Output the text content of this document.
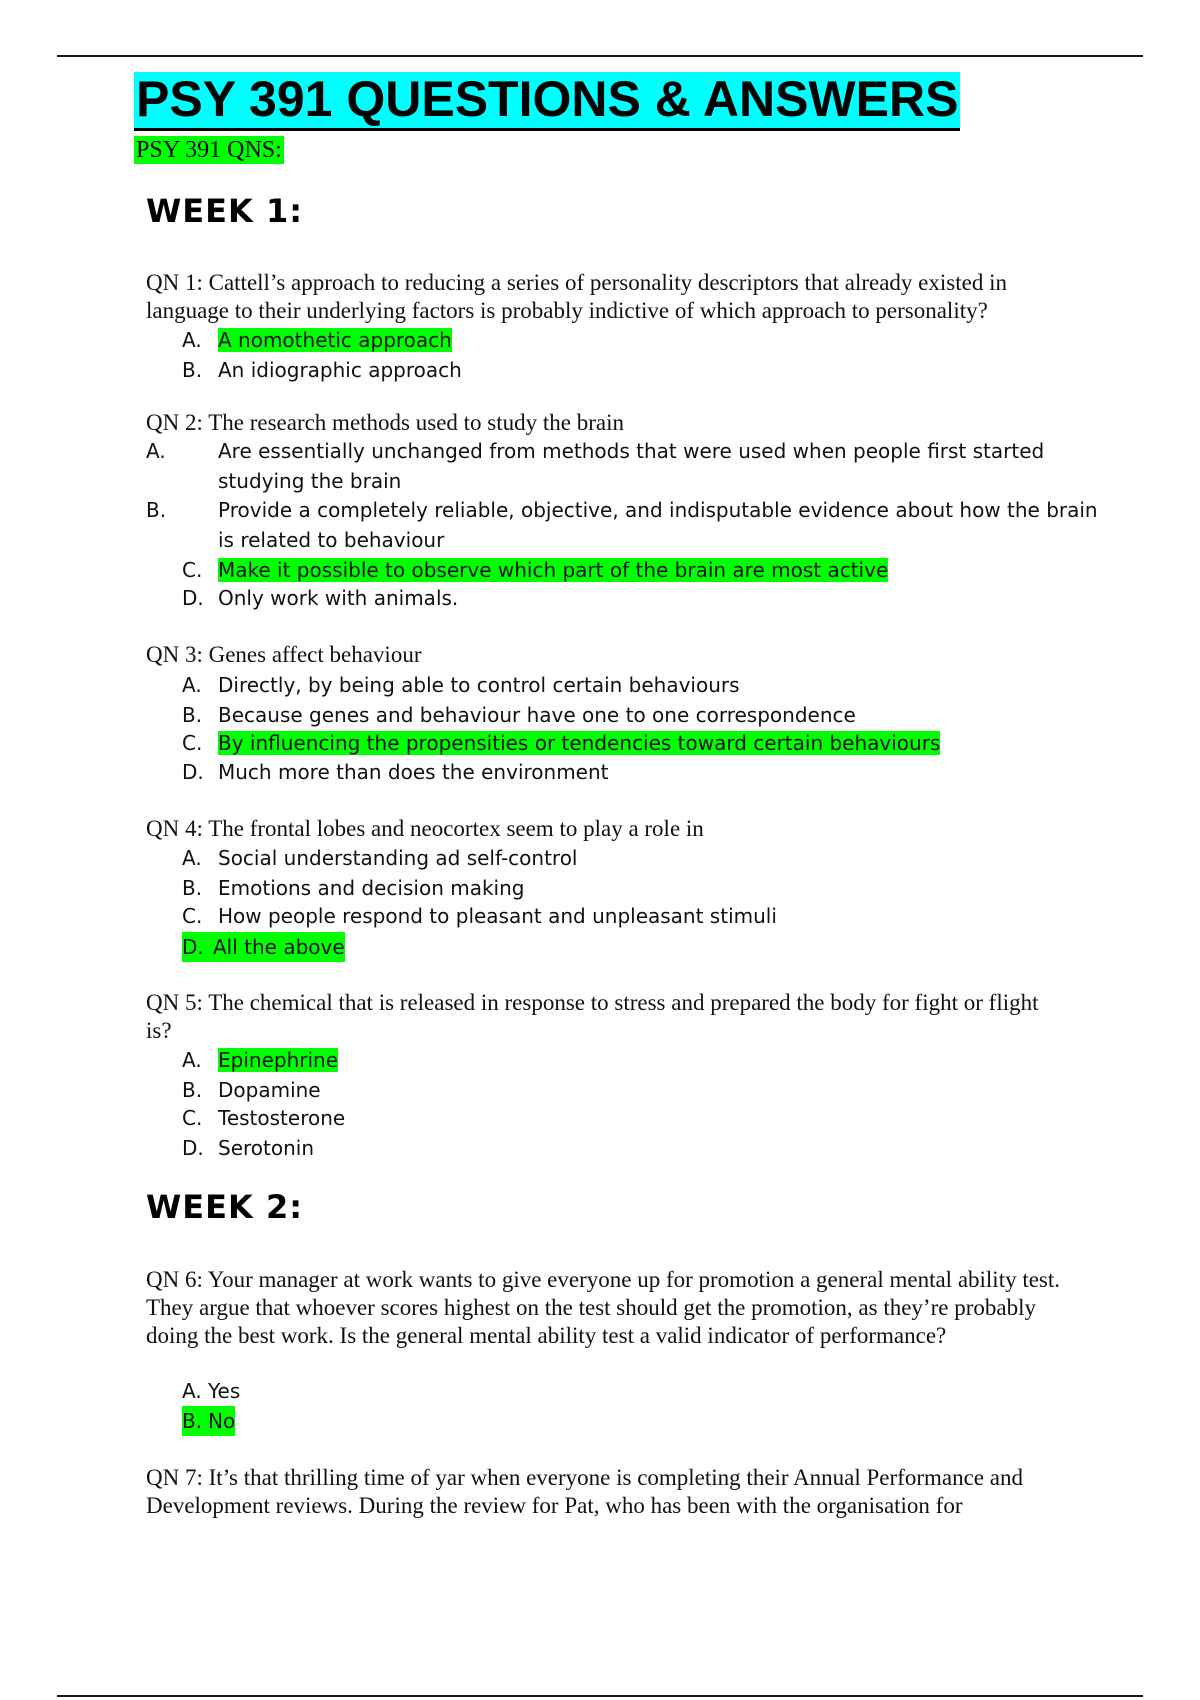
PSY 391 QUESTIONS & ANSWERS
PSY 391 QNS:
WEEK 1:
QN 1: Cattell’s approach to reducing a series of personality descriptors that already existed in language to their underlying factors is probably indictive of which approach to personality?
A. A nomothetic approach
B. An idiographic approach
QN 2: The research methods used to study the brain
A.	Are essentially unchanged from methods that were used when people first started studying the brain
B.	Provide a completely reliable, objective, and indisputable evidence about how the brain is related to behaviour
C. Make it possible to observe which part of the brain are most active
D. Only work with animals.
QN 3: Genes affect behaviour
A. Directly, by being able to control certain behaviours
B. Because genes and behaviour have one to one correspondence
C. By influencing the propensities or tendencies toward certain behaviours
D. Much more than does the environment
QN 4: The frontal lobes and neocortex seem to play a role in
A. Social understanding ad self-control
B. Emotions and decision making
C. How people respond to pleasant and unpleasant stimuli
D. All the above
QN 5: The chemical that is released in response to stress and prepared the body for fight or flight is?
A. Epinephrine
B. Dopamine
C. Testosterone
D. Serotonin
WEEK 2:
QN 6: Your manager at work wants to give everyone up for promotion a general mental ability test. They argue that whoever scores highest on the test should get the promotion, as they’re probably doing the best work. Is the general mental ability test a valid indicator of performance?
A. Yes
B. No
QN 7: It’s that thrilling time of yar when everyone is completing their Annual Performance and Development reviews. During the review for Pat, who has been with the organisation for
